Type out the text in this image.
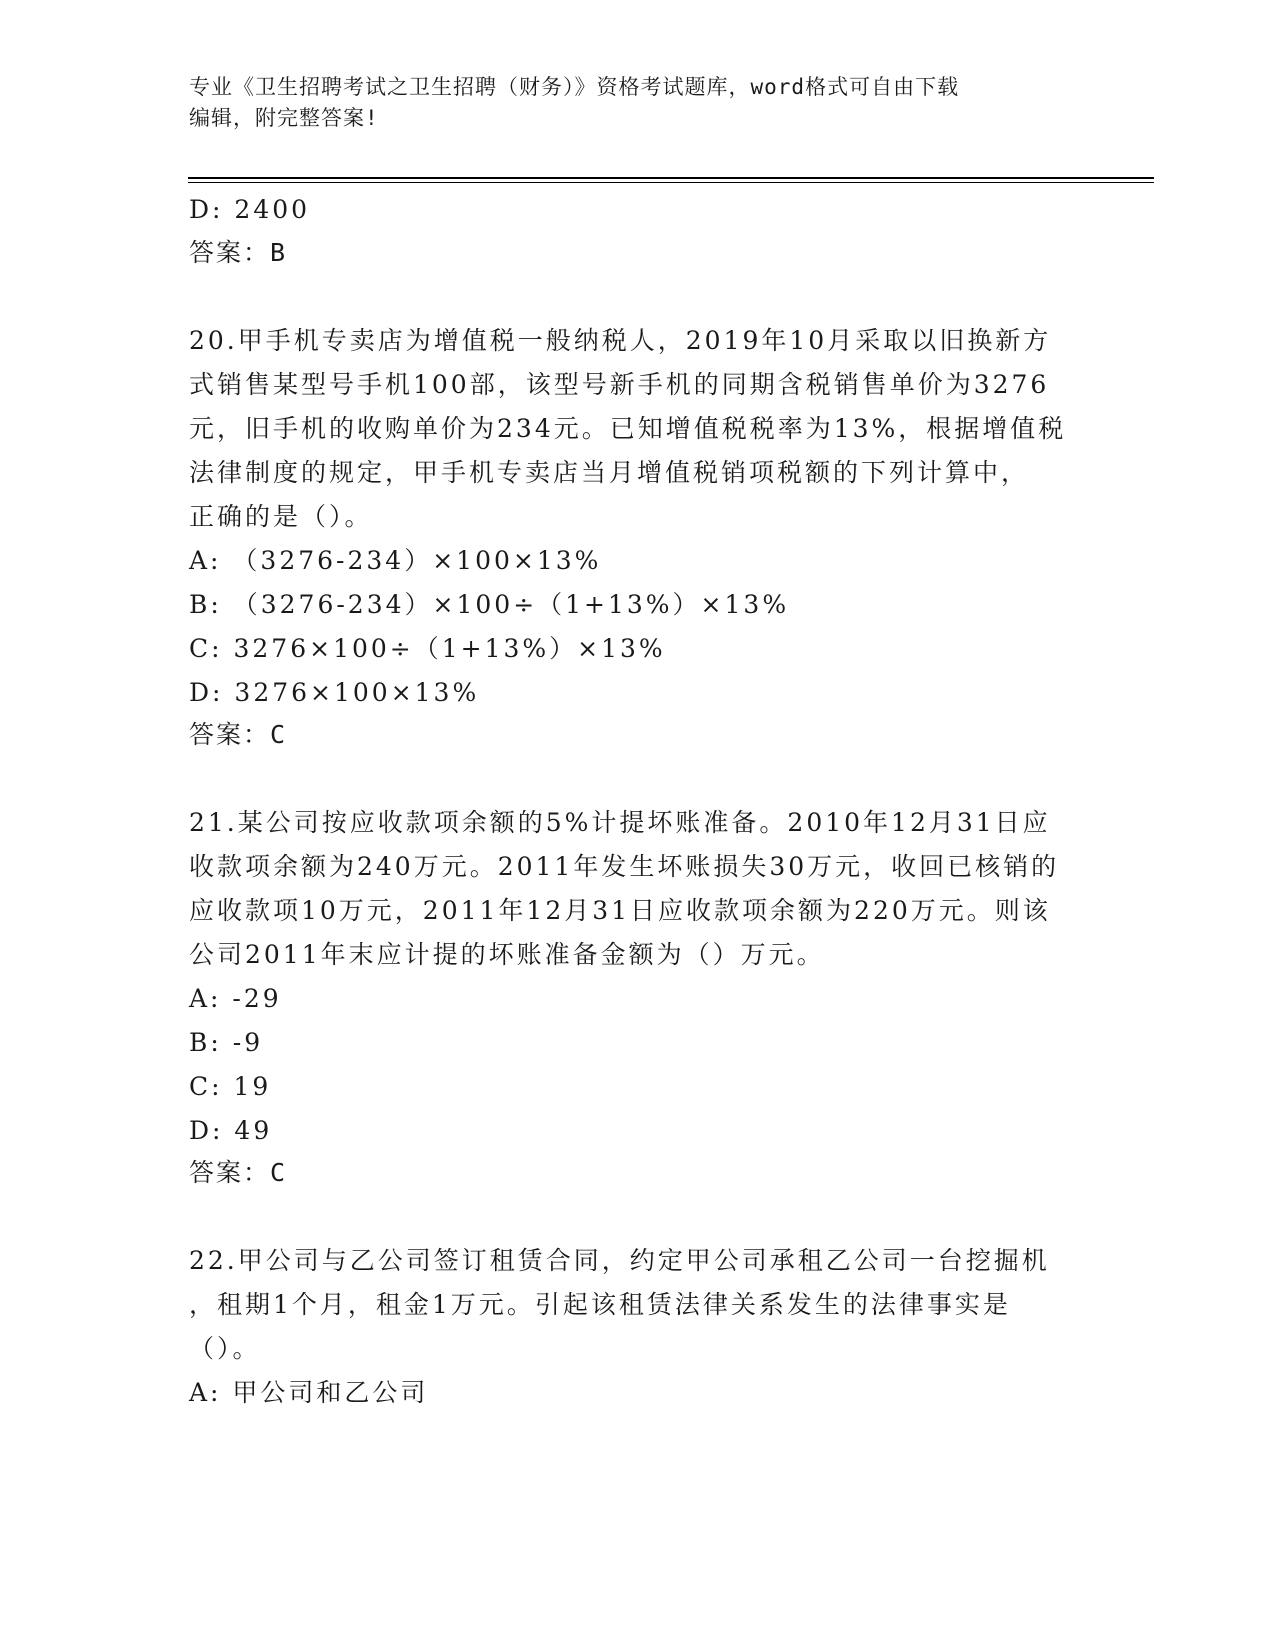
专业《卫生招聘考试之卫生招聘（财务）》资格考试题库，word格式可自由下载
编辑，附完整答案!
D: 2400
答案：B
20.甲手机专卖店为增值税一般纳税人，2019年10月采取以旧换新方
式销售某型号手机100部，该型号新手机的同期含税销售单价为3276
元，旧手机的收购单价为234元。已知增值税税率为13%，根据增值税
法律制度的规定，甲手机专卖店当月增值税销项税额的下列计算中，
正确的是（）。
A: （3276-234）×100×13%
B: （3276-234）×100÷（1+13%）×13%
C: 3276×100÷（1+13%）×13%
D: 3276×100×13%
答案：C
21.某公司按应收款项余额的5%计提坏账准备。2010年12月31日应
收款项余额为240万元。2011年发生坏账损失30万元，收回已核销的
应收款项10万元，2011年12月31日应收款项余额为220万元。则该
公司2011年末应计提的坏账准备金额为（）万元。
A: -29
B: -9
C: 19
D: 49
答案：C
22.甲公司与乙公司签订租赁合同，约定甲公司承租乙公司一台挖掘机
，租期1个月，租金1万元。引起该租赁法律关系发生的法律事实是
（）。
A: 甲公司和乙公司
